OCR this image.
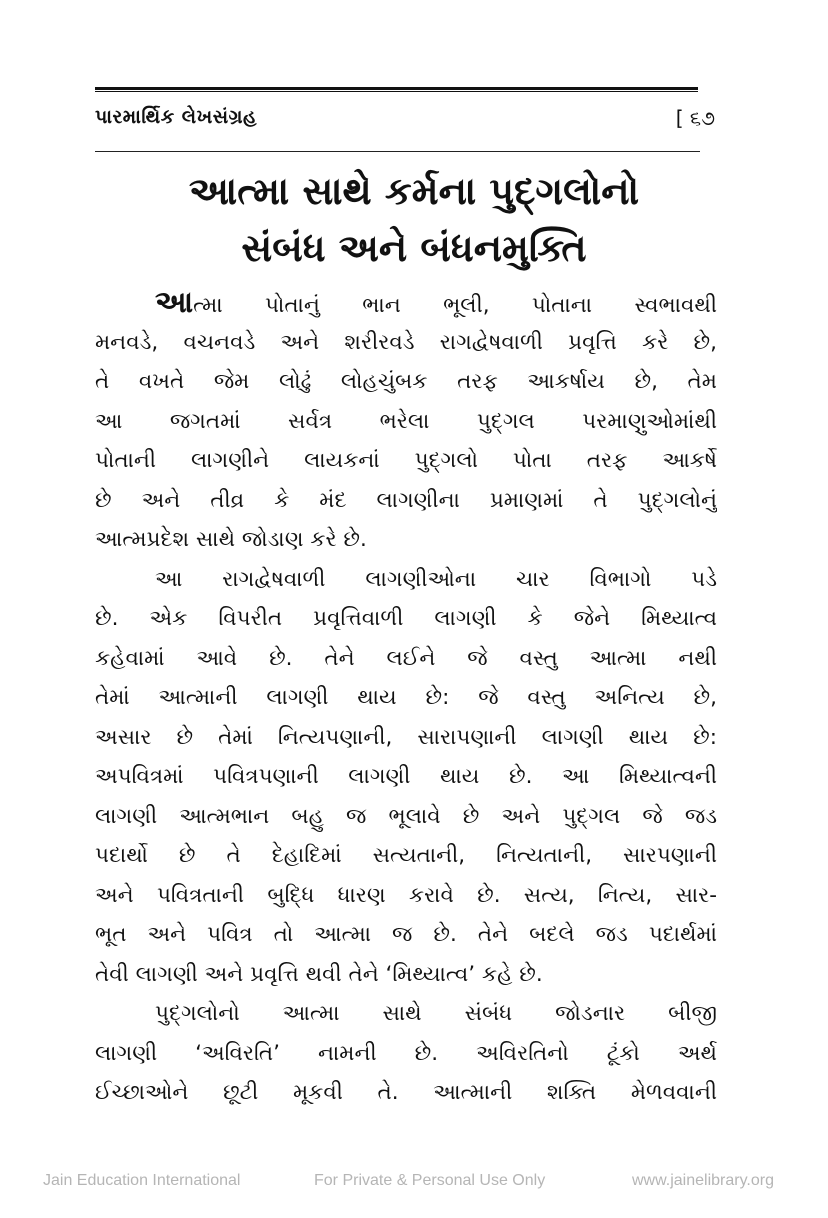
પારમાર્થિક લેખસંગ્રહ	[ ૬૭
આત્મા સાથે કર્મના પુદ્ગલોનો
સંબંધ અને બંધનમુક્તિ

આત્મા પોતાનું ભાન ભૂલી, પોતાના સ્વભાવથી
મનવડે, વચનવડે અને શરીરવડે રાગદ્વેષવાળી પ્રવૃત્તિ કરે છે,
તે વખતે જેમ લોઢું લોહચુંબક તરફ આકર્ષાય છે, તેમ
આ જગતમાં સર્વત્ર ભરેલા પુદ્ગલ પરમાણુઓમાંથી
પોતાની લાગણીને લાયકનાં પુદ્ગલો પોતા તરફ આકર્ષે
છે અને તીવ્ર કે મંદ લાગણીના પ્રમાણમાં તે પુદ્ગલોનું
આત્મપ્રદેશ સાથે જોડાણ કરે છે.

આ રાગદ્વેષવાળી લાગણીઓના ચાર વિભાગો પડે
છે. એક વિપરીત પ્રવૃત્તિવાળી લાગણી કે જેને મિથ્યાત્વ
કહેવામાં આવે છે. તેને લઈને જે વસ્તુ આત્મા નથી
તેમાં આત્માની લાગણી થાય છે: જે વસ્તુ અનિત્ય છે,
અસાર છે તેમાં નિત્યપણાની, સારાપણાની લાગણી થાય છે:
અપવિત્રમાં પવિત્રપણાની લાગણી થાય છે. આ મિથ્યાત્વની
લાગણી આત્મભાન બહુ જ ભૂલાવે છે અને પુદ્ગલ જે જડ
પદાર્થો છે તે દેહાદિમાં સત્યતાની, નિત્યતાની, સારપણાની
અને પવિત્રતાની બુદ્ધિ ધારણ કરાવે છે. સત્ય, નિત્ય, સાર-
ભૂત અને પવિત્ર તો આત્મા જ છે. તેને બદલે જડ પદાર્થમાં
તેવી લાગણી અને પ્રવૃત્તિ થવી તેને ‘મિથ્યાત્વ’ કહે છે.

પુદ્ગલોનો આત્મા સાથે સંબંધ જોડનાર બીજી
લાગણી ‘અવિરતિ’ નામની છે. અવિરતિનો ટૂંકો અર્થ
ઈચ્છાઓને છૂટી મૂકવી તે. આત્માની શક્તિ મેળવવાની

Jain Education International	For Private & Personal Use Only	www.jainelibrary.org
